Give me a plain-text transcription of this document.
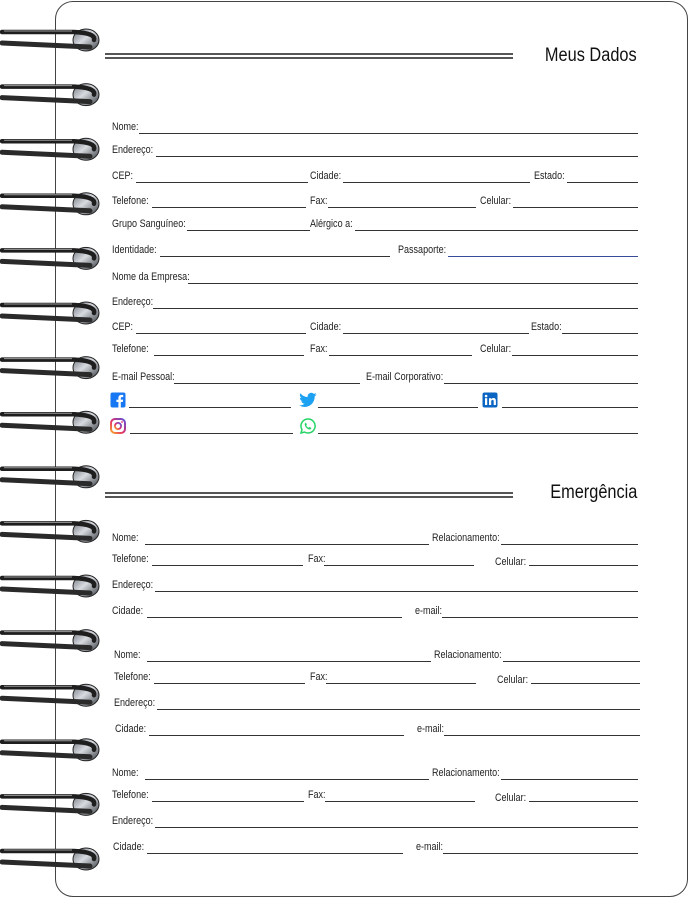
Meus Dados
Nome:
Endereço:
CEP:	Cidade:	Estado:
Telefone:	Fax:	Celular:
Grupo Sanguíneo:	Alérgico a:
Identidade:	Passaporte:
Nome da Empresa:
Endereço:
CEP:	Cidade:	Estado:
Telefone:	Fax:	Celular:
E-mail Pessoal:	E-mail Corporativo:
Emergência
Nome:	Relacionamento:
Telefone:	Fax:	Celular:
Endereço:
Cidade:	e-mail:
Nome:	Relacionamento:
Telefone:	Fax:	Celular:
Endereço:
Cidade:	e-mail:
Nome:	Relacionamento:
Telefone:	Fax:	Celular:
Endereço:
Cidade:	e-mail:
